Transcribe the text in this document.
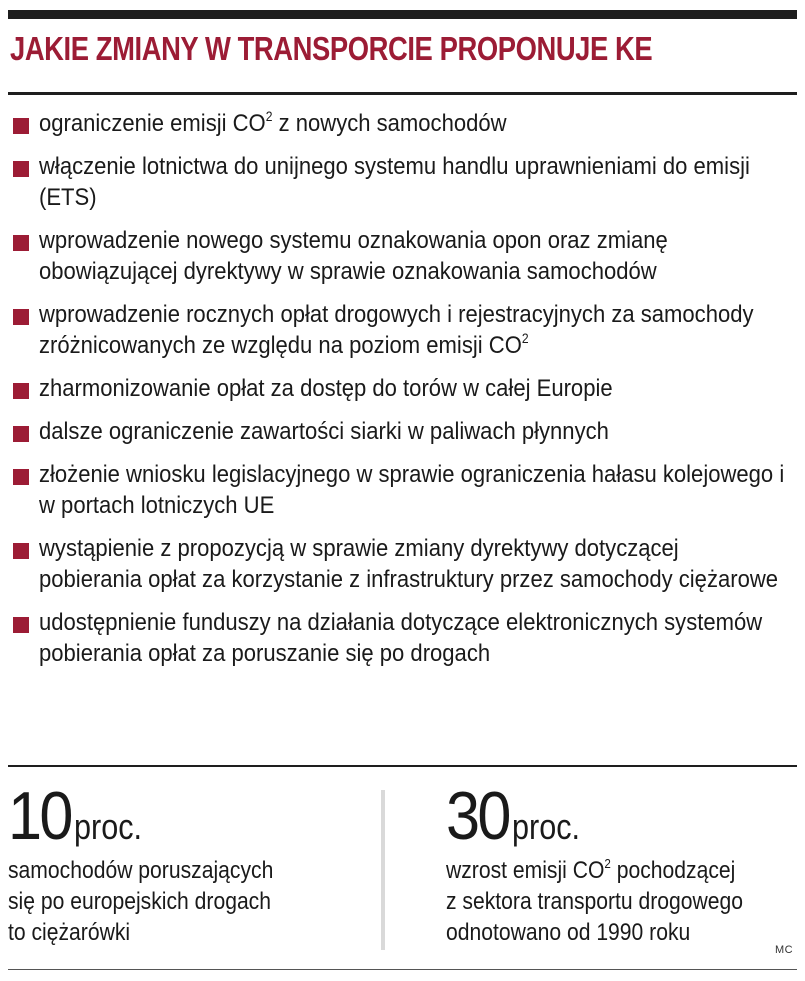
JAKIE ZMIANY W TRANSPORCIE PROPONUJE KE
ograniczenie emisji $CO^2$ z nowych samochodów
włączenie lotnictwa do unijnego systemu handlu uprawnieniami do emisji (ETS)
wprowadzenie nowego systemu oznakowania opon oraz zmianę obowiązującej dyrektywy w sprawie oznakowania samochodów
wprowadzenie rocznych opłat drogowych i rejestracyjnych za samochody zróżnicowanych ze względu na poziom emisji $CO^2$
zharmonizowanie opłat za dostęp do torów w całej Europie
dalsze ograniczenie zawartości siarki w paliwach płynnych
złożenie wniosku legislacyjnego w sprawie ograniczenia hałasu kolejowego i w portach lotniczych UE
wystąpienie z propozycją w sprawie zmiany dyrektywy dotyczącej pobierania opłat za korzystanie z infrastruktury przez samochody ciężarowe
udostępnienie funduszy na działania dotyczące elektronicznych systemów pobierania opłat za poruszanie się po drogach
10 proc.
samochodów poruszających
się po europejskich drogach
to ciężarówki
30 proc.
wzrost emisji $CO^2$ pochodzącej
z sektora transportu drogowego
odnotowano od 1990 roku
MC
